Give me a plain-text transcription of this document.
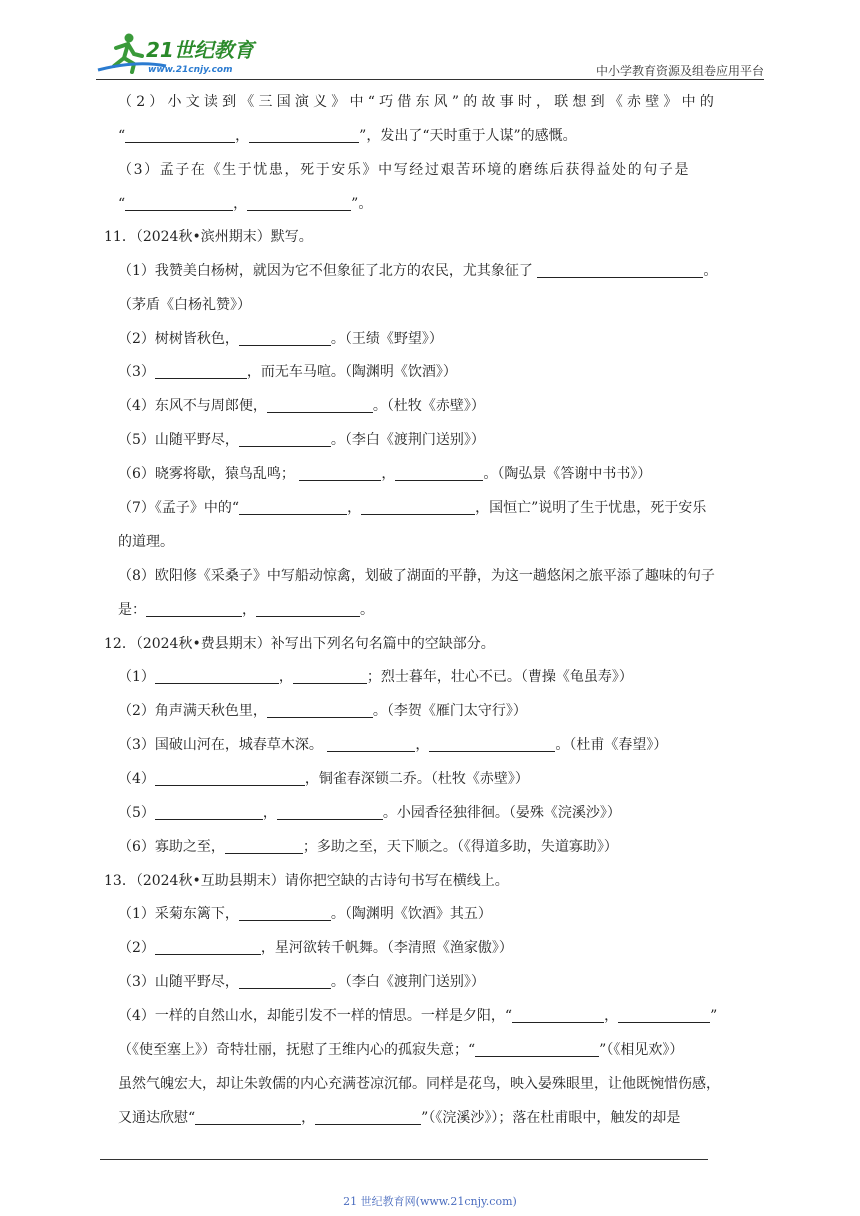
21世纪教育
www.21cnjy.com	中小学教育资源及组卷应用平台
（2）小文读到《三国演义》中“巧借东风”的故事时，联想到《赤壁》中的
“	，	”，发出了“天时重于人谋”的感慨。
（3）孟子在《生于忧患，死于安乐》中写经过艰苦环境的磨练后获得益处的句子是
“	，	”。
11．（2024秋•滨州期末）默写。
（1）我赞美白杨树，就因为它不但象征了北方的农民，尤其象征了	。
（茅盾《白杨礼赞》）
（2）树树皆秋色，	。（王绩《野望》）
（3）	，而无车马喧。（陶渊明《饮酒》）
（4）东风不与周郎便，	。（杜牧《赤壁》）
（5）山随平野尽，	。（李白《渡荆门送别》）
（6）晓雾将歇，猿鸟乱鸣；	，	。（陶弘景《答谢中书书》）
（7）《孟子》中的“	，	，国恒亡”说明了生于忧患，死于安乐
的道理。
（8）欧阳修《采桑子》中写船动惊禽，划破了湖面的平静，为这一趟悠闲之旅平添了趣味的句子
是：	，	。
12．（2024秋•费县期末）补写出下列名句名篇中的空缺部分。
（1）	，	；烈士暮年，壮心不已。（曹操《龟虽寿》）
（2）角声满天秋色里，	。（李贺《雁门太守行》）
（3）国破山河在，城春草木深。	，	。（杜甫《春望》）
（4）	，铜雀春深锁二乔。（杜牧《赤壁》）
（5）	，	。小园香径独徘徊。（晏殊《浣溪沙》）
（6）寡助之至，	；多助之至，天下顺之。（《得道多助，失道寡助》）
13．（2024秋•互助县期末）请你把空缺的古诗句书写在横线上。
（1）采菊东篱下，	。（陶渊明《饮酒》其五）
（2）	，星河欲转千帆舞。（李清照《渔家傲》）
（3）山随平野尽，	。（李白《渡荆门送别》）
（4）一样的自然山水，却能引发不一样的情思。一样是夕阳，“	，	”
（《使至塞上》）奇特壮丽，抚慰了王维内心的孤寂失意；“	”（《相见欢》）
虽然气魄宏大，却让朱敦儒的内心充满苍凉沉郁。同样是花鸟，映入晏殊眼里，让他既惋惜伤感，
又通达欣慰“	，	”（《浣溪沙》）；落在杜甫眼中，触发的却是
21 世纪教育网(www.21cnjy.com)
